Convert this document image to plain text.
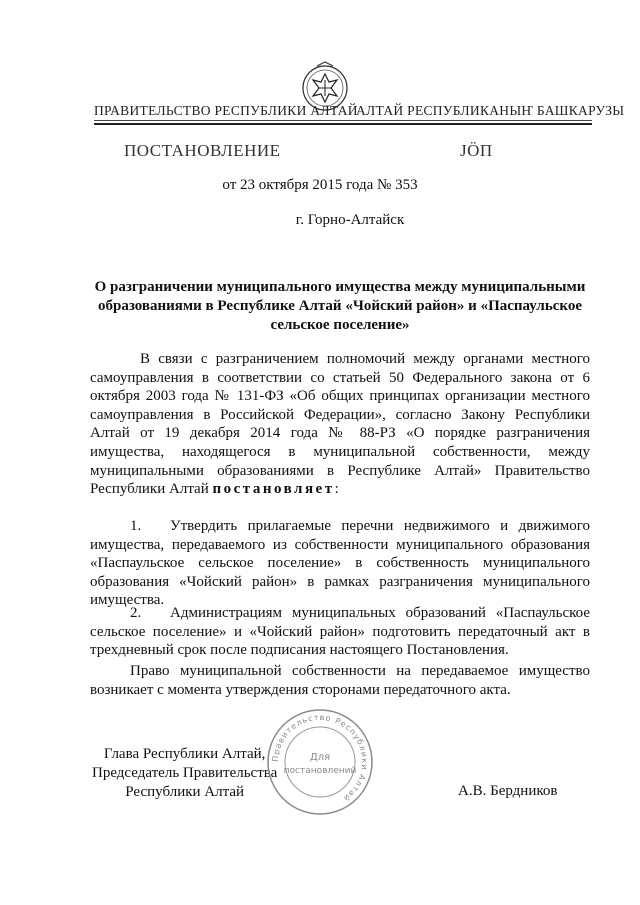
ПРАВИТЕЛЬСТВО РЕСПУБЛИКИ АЛТАЙ
АЛТАЙ РЕСПУБЛИКАНЫҤ БАШКАРУЗЫ
ПОСТАНОВЛЕНИЕ	ЈÖП
от 23 октября 2015 года № 353
г. Горно-Алтайск
О разграничении муниципального имущества между муниципальными образованиями в Республике Алтай «Чойский район» и «Паспаульское сельское поселение»
В связи с разграничением полномочий между органами местного самоуправления в соответствии со статьей 50 Федерального закона от 6 октября 2003 года № 131-ФЗ «Об общих принципах организации местного самоуправления в Российской Федерации», согласно Закону Республики Алтай от 19 декабря 2014 года № 88-РЗ «О порядке разграничения имущества, находящегося в муниципальной собственности, между муниципальными образованиями в Республике Алтай» Правительство Республики Алтай постановляет:
1. Утвердить прилагаемые перечни недвижимого и движимого имущества, передаваемого из собственности муниципального образования «Паспаульское сельское поселение» в собственность муниципального образования «Чойский район» в рамках разграничения муниципального имущества.
2. Администрациям муниципальных образований «Паспаульское сельское поселение» и «Чойский район» подготовить передаточный акт в трехдневный срок после подписания настоящего Постановления.
Право муниципальной собственности на передаваемое имущество возникает с момента утверждения сторонами передаточного акта.
Глава Республики Алтай,
Председатель Правительства
Республики Алтай	А.В. Бердников
Правительство Республики Алтай
Для
постановлений
